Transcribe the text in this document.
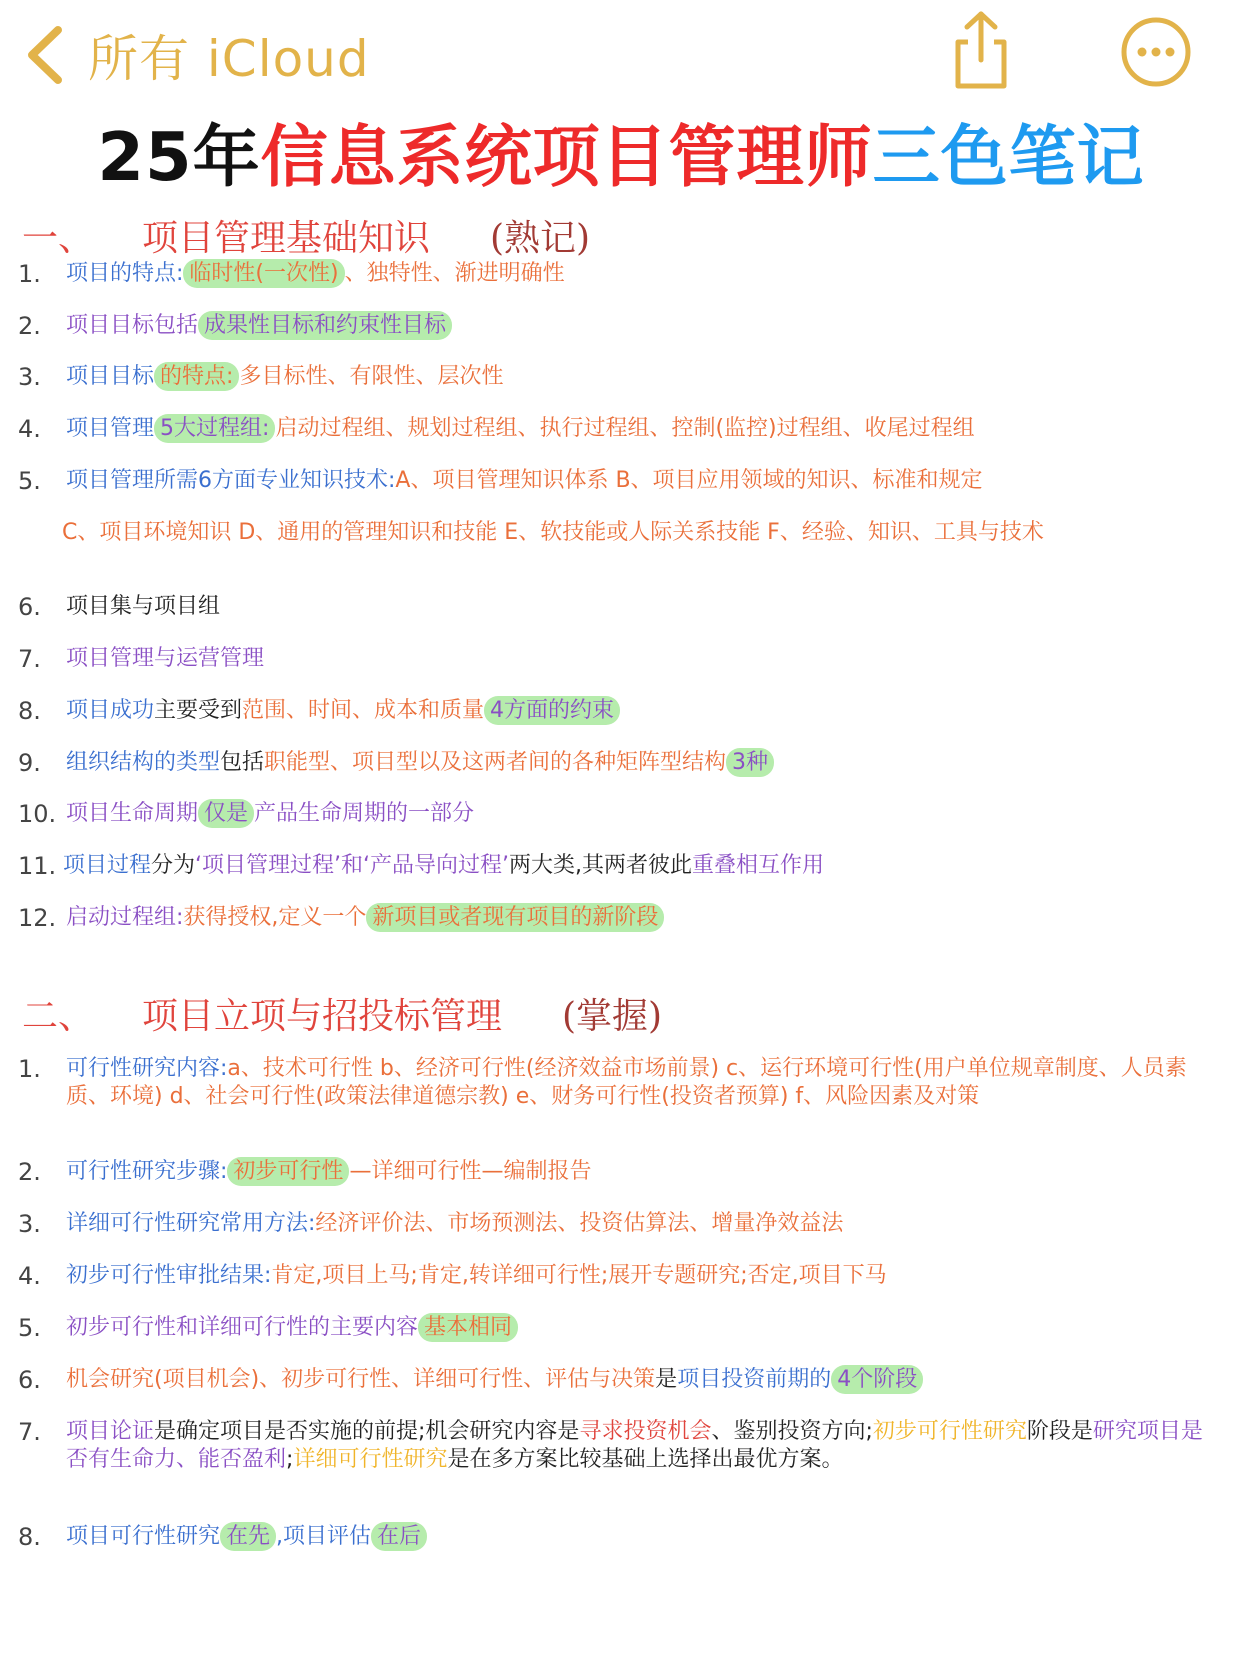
所有 iCloud
25年信息系统项目管理师三色笔记
一、 项目管理基础知识 (熟记)
1. 项目的特点: 临时性(一次性) 、独特性、渐进明确性
2. 项目目标包括 成果性目标和约束性目标
3. 项目目标 的特点: 多目标性、有限性、层次性
4. 项目管理 5大过程组: 启动过程组、规划过程组、执行过程组、控制(监控)过程组、收尾过程组
5. 项目管理所需6方面专业知识技术:A、项目管理知识体系 B、项目应用领域的知识、标准和规定
C、项目环境知识 D、通用的管理知识和技能 E、软技能或人际关系技能 F、经验、知识、工具与技术
6. 项目集与项目组
7. 项目管理与运营管理
8. 项目成功主要受到范围、时间、成本和质量 4方面的约束
9. 组织结构的类型包括职能型、项目型以及这两者间的各种矩阵型结构 3种
10. 项目生命周期 仅是 产品生命周期的一部分
11. 项目过程分为‘项目管理过程’和‘产品导向过程’两大类,其两者彼此重叠相互作用
12. 启动过程组:获得授权,定义一个 新项目或者现有项目的新阶段
二、 项目立项与招投标管理 (掌握)
1. 可行性研究内容:a、技术可行性 b、经济可行性(经济效益市场前景) c、运行环境可行性(用户单位规章制度、人员素质、环境) d、社会可行性(政策法律道德宗教) e、财务可行性(投资者预算) f、风险因素及对策
2. 可行性研究步骤: 初步可行性 —详细可行性—编制报告
3. 详细可行性研究常用方法:经济评价法、市场预测法、投资估算法、增量净效益法
4. 初步可行性审批结果:肯定,项目上马;肯定,转详细可行性;展开专题研究;否定,项目下马
5. 初步可行性和详细可行性的主要内容 基本相同
6. 机会研究(项目机会)、初步可行性、详细可行性、评估与决策是项目投资前期的 4个阶段
7. 项目论证是确定项目是否实施的前提;机会研究内容是寻求投资机会、鉴别投资方向;初步可行性研究阶段是研究项目是否有生命力、能否盈利;详细可行性研究是在多方案比较基础上选择出最优方案。
8. 项目可行性研究 在先 ,项目评估 在后
